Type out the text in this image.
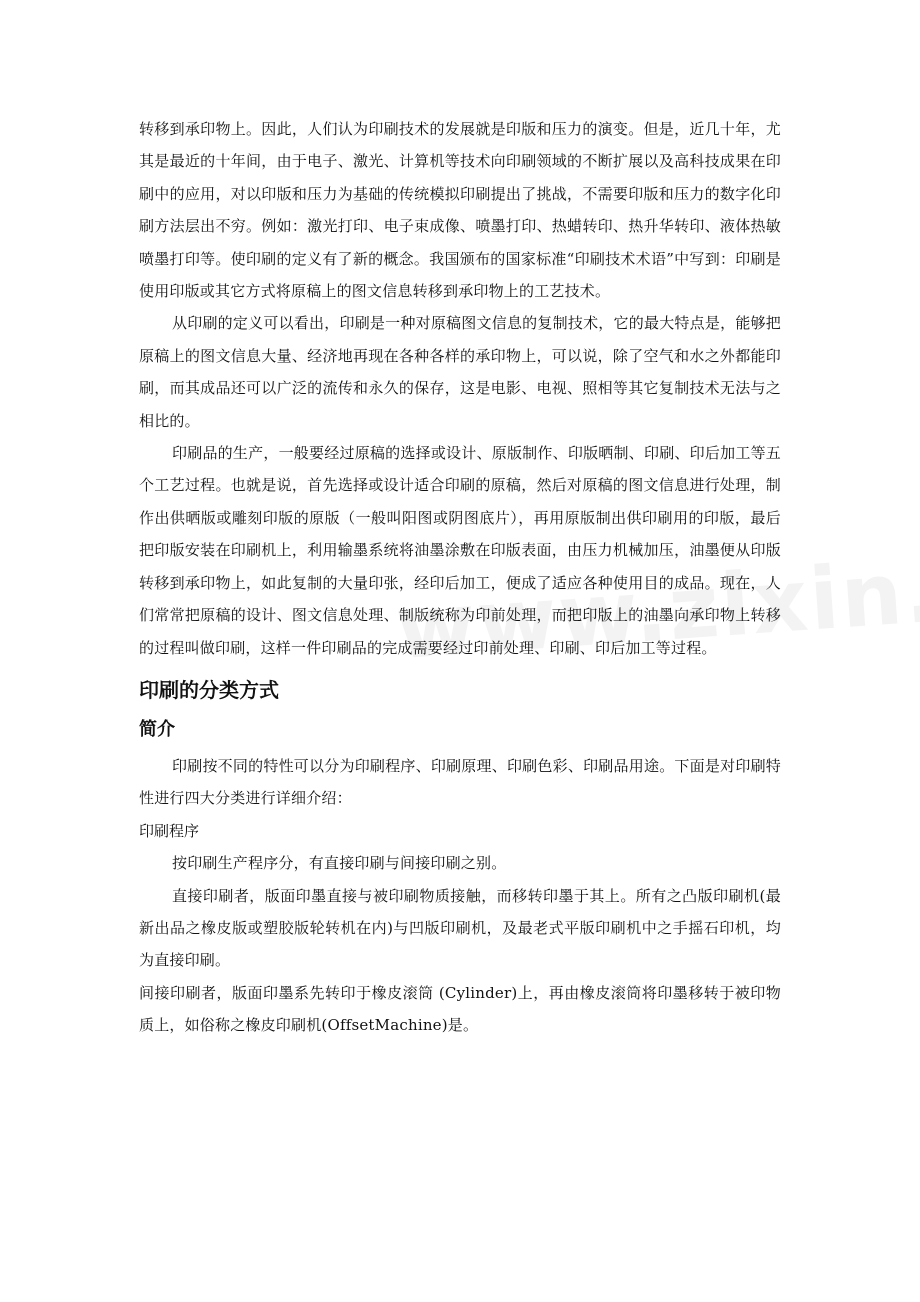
转移到承印物上。因此，人们认为印刷技术的发展就是印版和压力的演变。但是，近几十年，尤其是最近的十年间，由于电子、激光、计算机等技术向印刷领域的不断扩展以及高科技成果在印刷中的应用，对以印版和压力为基础的传统模拟印刷提出了挑战，不需要印版和压力的数字化印刷方法层出不穷。例如：激光打印、电子束成像、喷墨打印、热蜡转印、热升华转印、液体热敏喷墨打印等。使印刷的定义有了新的概念。我国颁布的国家标准“印刷技术术语”中写到：印刷是使用印版或其它方式将原稿上的图文信息转移到承印物上的工艺技术。

从印刷的定义可以看出，印刷是一种对原稿图文信息的复制技术，它的最大特点是，能够把原稿上的图文信息大量、经济地再现在各种各样的承印物上，可以说，除了空气和水之外都能印刷，而其成品还可以广泛的流传和永久的保存，这是电影、电视、照相等其它复制技术无法与之相比的。

印刷品的生产，一般要经过原稿的选择或设计、原版制作、印版晒制、印刷、印后加工等五个工艺过程。也就是说，首先选择或设计适合印刷的原稿，然后对原稿的图文信息进行处理，制作出供晒版或雕刻印版的原版（一般叫阳图或阴图底片），再用原版制出供印刷用的印版，最后把印版安装在印刷机上，利用输墨系统将油墨涂敷在印版表面，由压力机械加压，油墨便从印版转移到承印物上，如此复制的大量印张，经印后加工，便成了适应各种使用目的成品。现在，人们常常把原稿的设计、图文信息处理、制版统称为印前处理，而把印版上的油墨向承印物上转移的过程叫做印刷，这样一件印刷品的完成需要经过印前处理、印刷、印后加工等过程。

印刷的分类方式
简介

印刷按不同的特性可以分为印刷程序、印刷原理、印刷色彩、印刷品用途。下面是对印刷特性进行四大分类进行详细介绍：

印刷程序

按印刷生产程序分，有直接印刷与间接印刷之别。

直接印刷者，版面印墨直接与被印刷物质接触，而移转印墨于其上。所有之凸版印刷机(最新出品之橡皮版或塑胶版轮转机在内)与凹版印刷机，及最老式平版印刷机中之手摇石印机，均为直接印刷。

间接印刷者，版面印墨系先转印于橡皮滚筒 (Cylinder)上，再由橡皮滚筒将印墨移转于被印物质上，如俗称之橡皮印刷机(OffsetMachine)是。
